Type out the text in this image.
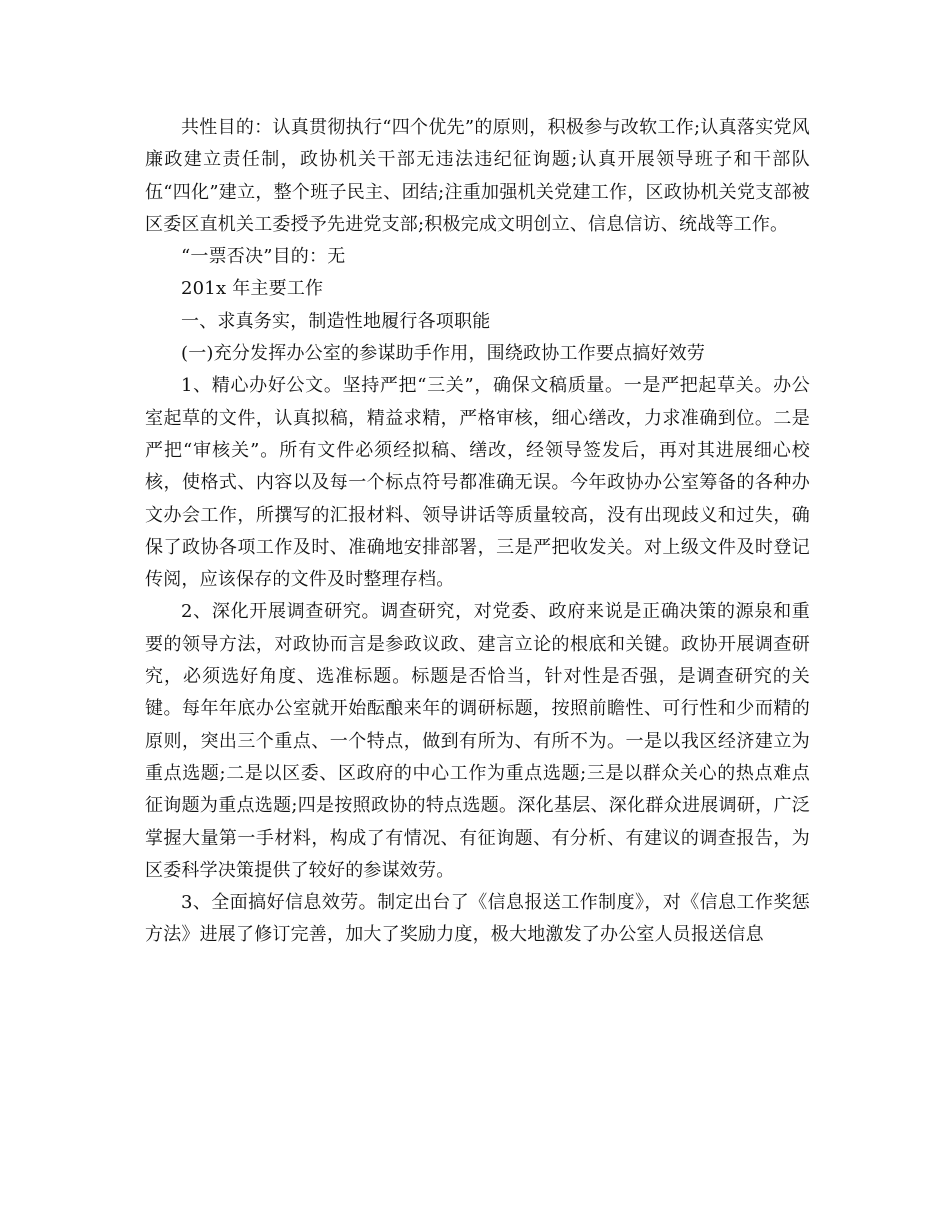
共性目的：认真贯彻执行“四个优先”的原则，积极参与改软工作;认真落实党风廉政建立责任制，政协机关干部无违法违纪征询题;认真开展领导班子和干部队伍“四化”建立，整个班子民主、团结;注重加强机关党建工作，区政协机关党支部被区委区直机关工委授予先进党支部;积极完成文明创立、信息信访、统战等工作。

“一票否决”目的：无

201x 年主要工作

一、求真务实，制造性地履行各项职能

(一)充分发挥办公室的参谋助手作用，围绕政协工作要点搞好效劳

1、精心办好公文。坚持严把“三关”，确保文稿质量。一是严把起草关。办公室起草的文件，认真拟稿，精益求精，严格审核，细心缮改，力求准确到位。二是严把“审核关”。所有文件必须经拟稿、缮改，经领导签发后，再对其进展细心校核，使格式、内容以及每一个标点符号都准确无误。今年政协办公室筹备的各种办文办会工作，所撰写的汇报材料、领导讲话等质量较高，没有出现歧义和过失，确保了政协各项工作及时、准确地安排部署，三是严把收发关。对上级文件及时登记传阅，应该保存的文件及时整理存档。

2、深化开展调查研究。调查研究，对党委、政府来说是正确决策的源泉和重要的领导方法，对政协而言是参政议政、建言立论的根底和关键。政协开展调查研究，必须选好角度、选准标题。标题是否恰当，针对性是否强，是调查研究的关键。每年年底办公室就开始酝酿来年的调研标题，按照前瞻性、可行性和少而精的原则，突出三个重点、一个特点，做到有所为、有所不为。一是以我区经济建立为重点选题;二是以区委、区政府的中心工作为重点选题;三是以群众关心的热点难点征询题为重点选题;四是按照政协的特点选题。深化基层、深化群众进展调研，广泛掌握大量第一手材料，构成了有情况、有征询题、有分析、有建议的调查报告，为区委科学决策提供了较好的参谋效劳。

3、全面搞好信息效劳。制定出台了《信息报送工作制度》，对《信息工作奖惩方法》进展了修订完善，加大了奖励力度，极大地激发了办公室人员报送信息
